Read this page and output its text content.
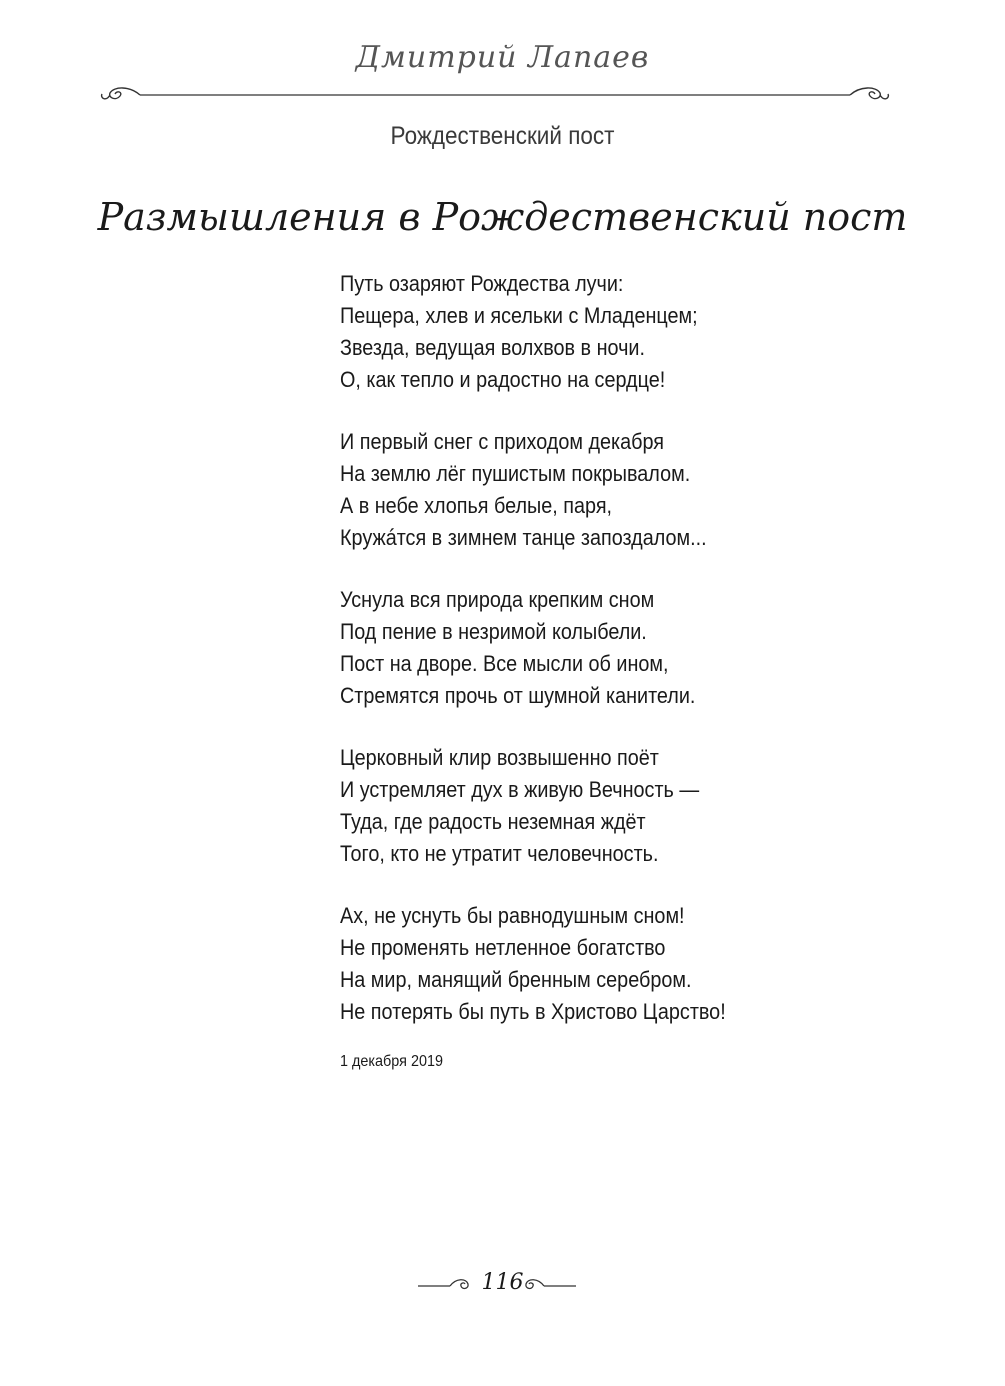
Дмитрий Лапаев
Рождественский пост
Размышления в Рождественский пост
Путь озаряют Рождества лучи:
Пещера, хлев и ясельки с Младенцем;
Звезда, ведущая волхвов в ночи.
О, как тепло и радостно на сердце!
И первый снег с приходом декабря
На землю лёг пушистым покрывалом.
А в небе хлопья белые, паря,
Кружáтся в зимнем танце запоздалом...
Уснула вся природа крепким сном
Под пение в незримой колыбели.
Пост на дворе. Все мысли об ином,
Стремятся прочь от шумной канители.
Церковный клир возвышенно поёт
И устремляет дух в живую Вечность —
Туда, где радость неземная ждёт
Того, кто не утратит человечность.
Ах, не уснуть бы равнодушным сном!
Не променять нетленное богатство
На мир, манящий бренным серебром.
Не потерять бы путь в Христово Царство!
1 декабря 2019
116
